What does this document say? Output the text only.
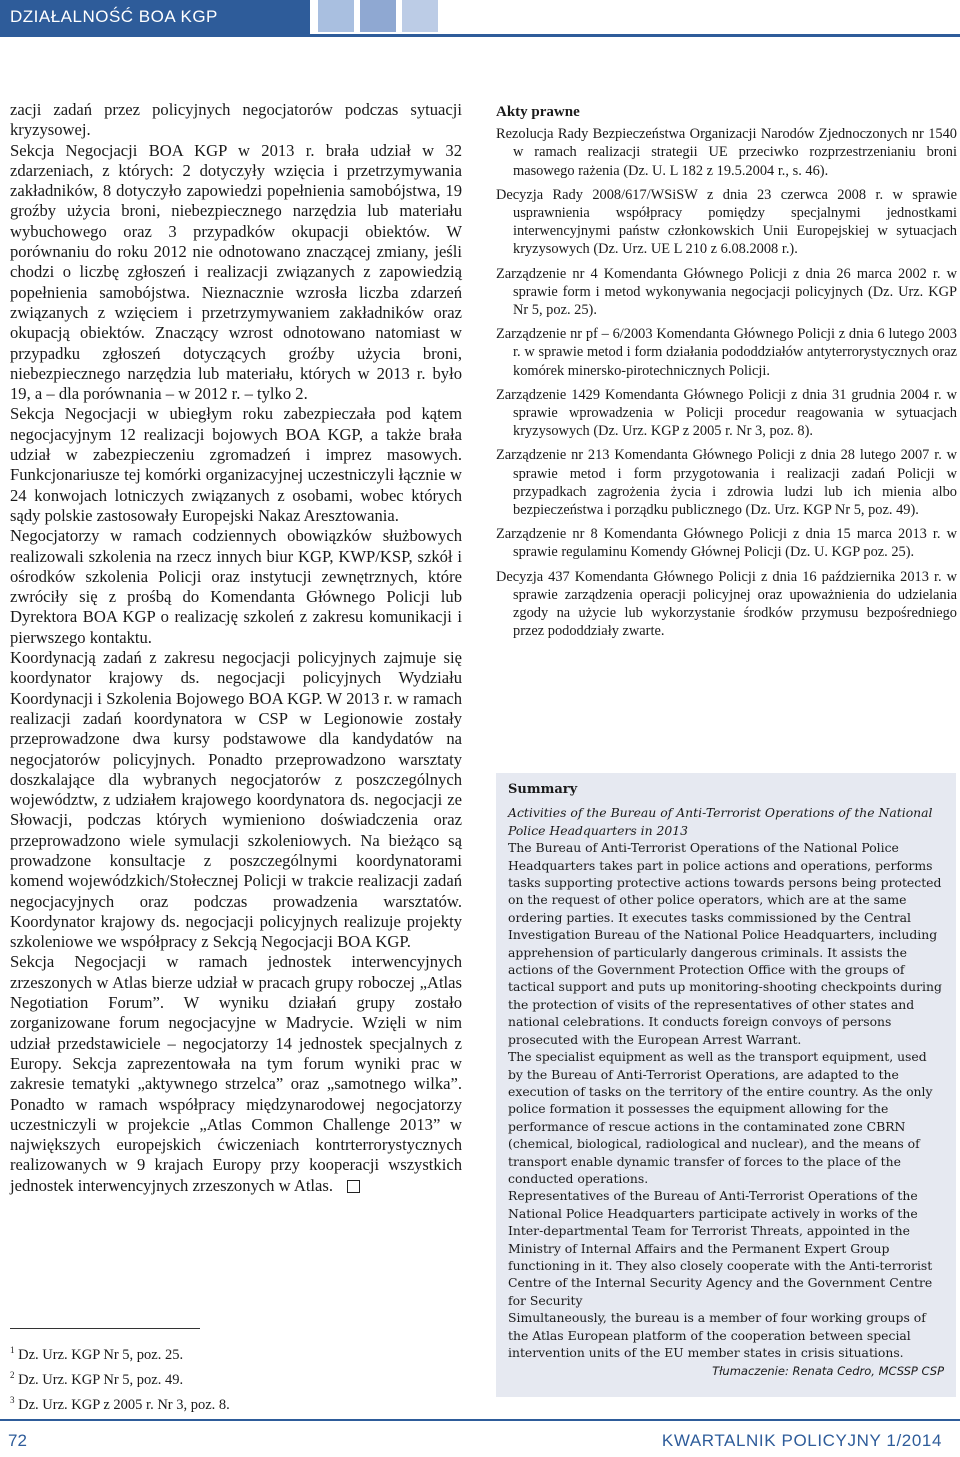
DZIAŁALNOŚĆ BOA KGP

zacji zadań przez policyjnych negocjatorów podczas sytuacji kryzysowej.

Sekcja Negocjacji BOA KGP w 2013 r. brała udział w 32 zdarzeniach, z których: 2 dotyczyły wzięcia i przetrzymywania zakładników, 8 dotyczyło zapowiedzi popełnienia samobójstwa, 19 groźby użycia broni, niebezpiecznego narzędzia lub materiału wybuchowego oraz 3 przypadków okupacji obiektów. W porównaniu do roku 2012 nie odnotowano znaczącej zmiany, jeśli chodzi o liczbę zgłoszeń i realizacji związanych z zapowiedzią popełnienia samobójstwa. Nieznacznie wzrosła liczba zdarzeń związanych z wzięciem i przetrzymywaniem zakładników oraz okupacją obiektów. Znaczący wzrost odnotowano natomiast w przypadku zgłoszeń dotyczących groźby użycia broni, niebezpiecznego narzędzia lub materiału, których w 2013 r. było 19, a – dla porównania – w 2012 r. – tylko 2.

Sekcja Negocjacji w ubiegłym roku zabezpieczała pod kątem negocjacyjnym 12 realizacji bojowych BOA KGP, a także brała udział w zabezpieczeniu zgromadzeń i imprez masowych. Funkcjonariusze tej komórki organizacyjnej uczestniczyli łącznie w 24 konwojach lotniczych związanych z osobami, wobec których sądy polskie zastosowały Europejski Nakaz Aresztowania.

Negocjatorzy w ramach codziennych obowiązków służbowych realizowali szkolenia na rzecz innych biur KGP, KWP/KSP, szkół i ośrodków szkolenia Policji oraz instytucji zewnętrznych, które zwróciły się z prośbą do Komendanta Głównego Policji lub Dyrektora BOA KGP o realizację szkoleń z zakresu komunikacji i pierwszego kontaktu.

Koordynacją zadań z zakresu negocjacji policyjnych zajmuje się koordynator krajowy ds. negocjacji policyjnych Wydziału Koordynacji i Szkolenia Bojowego BOA KGP. W 2013 r. w ramach realizacji zadań koordynatora w CSP w Legionowie zostały przeprowadzone dwa kursy podstawowe dla kandydatów na negocjatorów policyjnych. Ponadto przeprowadzono warsztaty doszkalające dla wybranych negocjatorów z poszczególnych województw, z udziałem krajowego koordynatora ds. negocjacji ze Słowacji, podczas których wymieniono doświadczenia oraz przeprowadzono wiele symulacji szkoleniowych. Na bieżąco są prowadzone konsultacje z poszczególnymi koordynatorami komend wojewódzkich/Stołecznej Policji w trakcie realizacji zadań negocjacyjnych oraz podczas prowadzenia warsztatów. Koordynator krajowy ds. negocjacji policyjnych realizuje projekty szkoleniowe we współpracy z Sekcją Negocjacji BOA KGP.

Sekcja Negocjacji w ramach jednostek interwencyjnych zrzeszonych w Atlas bierze udział w pracach grupy roboczej „Atlas Negotiation Forum”. W wyniku działań grupy zostało zorganizowane forum negocjacyjne w Madrycie. Wzięli w nim udział przedstawiciele – negocjatorzy 14 jednostek specjalnych z Europy. Sekcja zaprezentowała na tym forum wyniki prac w zakresie tematyki „aktywnego strzelca” oraz „samotnego wilka”. Ponadto w ramach współpracy międzynarodowej negocjatorzy uczestniczyli w projekcie „Atlas Common Challenge 2013” w największych europejskich ćwiczeniach kontrterrorystycznych realizowanych w 9 krajach Europy przy kooperacji wszystkich jednostek interwencyjnych zrzeszonych w Atlas.

$^1$ Dz. Urz. KGP Nr 5, poz. 25.
$^2$ Dz. Urz. KGP Nr 5, poz. 49.
$^3$ Dz. Urz. KGP z 2005 r. Nr 3, poz. 8.

Akty prawne

Rezolucja Rady Bezpieczeństwa Organizacji Narodów Zjednoczonych nr 1540 w ramach realizacji strategii UE przeciwko rozprzestrzenianiu broni masowego rażenia (Dz. U. L 182 z 19.5.2004 r., s. 46).

Decyzja Rady 2008/617/WSiSW z dnia 23 czerwca 2008 r. w sprawie usprawnienia współpracy pomiędzy specjalnymi jednostkami interwencyjnymi państw członkowskich Unii Europejskiej w sytuacjach kryzysowych (Dz. Urz. UE L 210 z 6.08.2008 r.).

Zarządzenie nr 4 Komendanta Głównego Policji z dnia 26 marca 2002 r. w sprawie form i metod wykonywania negocjacji policyjnych (Dz. Urz. KGP Nr 5, poz. 25).

Zarządzenie nr pf – 6/2003 Komendanta Głównego Policji z dnia 6 lutego 2003 r. w sprawie metod i form działania pododdziałów antyterrorystycznych oraz komórek minersko-pirotechnicznych Policji.

Zarządzenie 1429 Komendanta Głównego Policji z dnia 31 grudnia 2004 r. w sprawie wprowadzenia w Policji procedur reagowania w sytuacjach kryzysowych (Dz. Urz. KGP z 2005 r. Nr 3, poz. 8).

Zarządzenie nr 213 Komendanta Głównego Policji z dnia 28 lutego 2007 r. w sprawie metod i form przygotowania i realizacji zadań Policji w przypadkach zagrożenia życia i zdrowia ludzi lub ich mienia albo bezpieczeństwa i porządku publicznego (Dz. Urz. KGP Nr 5, poz. 49).

Zarządzenie nr 8 Komendanta Głównego Policji z dnia 15 marca 2013 r. w sprawie regulaminu Komendy Głównej Policji (Dz. U. KGP poz. 25).

Decyzja 437 Komendanta Głównego Policji z dnia 16 października 2013 r. w sprawie zarządzenia operacji policyjnej oraz upoważnienia do udzielania zgody na użycie lub wykorzystanie środków przymusu bezpośredniego przez pododdziały zwarte.

Summary

Activities of the Bureau of Anti-Terrorist Operations of the National Police Headquarters in 2013

The Bureau of Anti-Terrorist Operations of the National Police Headquarters takes part in police actions and operations, performs tasks supporting protective actions towards persons being protected on the request of other police operators, which are at the same ordering parties. It executes tasks commissioned by the Central Investigation Bureau of the National Police Headquarters, including apprehension of particularly dangerous criminals. It assists the actions of the Government Protection Office with the groups of tactical support and puts up monitoring-shooting checkpoints during the protection of visits of the representatives of other states and national celebrations. It conducts foreign convoys of persons prosecuted with the European Arrest Warrant.

The specialist equipment as well as the transport equipment, used by the Bureau of Anti-Terrorist Operations, are adapted to the execution of tasks on the territory of the entire country. As the only police formation it possesses the equipment allowing for the performance of rescue actions in the contaminated zone CBRN (chemical, biological, radiological and nuclear), and the means of transport enable dynamic transfer of forces to the place of the conducted operations.

Representatives of the Bureau of Anti-Terrorist Operations of the National Police Headquarters participate actively in works of the Inter-departmental Team for Terrorist Threats, appointed in the Ministry of Internal Affairs and the Permanent Expert Group functioning in it. They also closely cooperate with the Anti-terrorist Centre of the Internal Security Agency and the Government Centre for Security

Simultaneously, the bureau is a member of four working groups of the Atlas European platform of the cooperation between special intervention units of the EU member states in crisis situations.

Tłumaczenie: Renata Cedro, MCSSP CSP

72	KWARTALNIK POLICYJNY 1/2014
